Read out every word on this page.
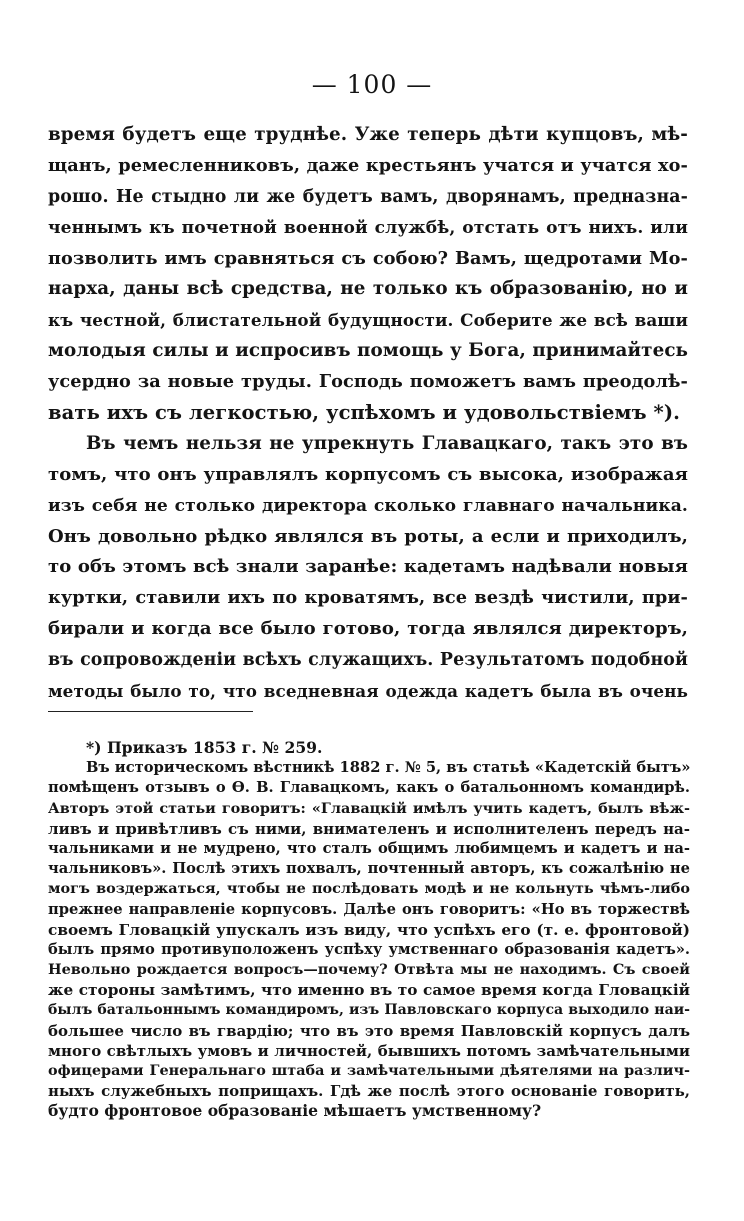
— 100 —
время будетъ еще труднѣе. Уже теперь дѣти купцовъ, мѣ-
щанъ, ремесленниковъ, даже крестьянъ учатся и учатся хо-
рошо. Не стыдно ли же будетъ вамъ, дворянамъ, предназна-
ченнымъ къ почетной военной службѣ, отстать отъ нихъ. или
позволить имъ сравняться съ собою? Вамъ, щедротами Мо-
нарха, даны всѣ средства, не только къ образованію, но и
къ честной, блистательной будущности. Соберите же всѣ ваши
молодыя силы и испросивъ помощь у Бога, принимайтесь
усердно за новые труды. Господь поможетъ вамъ преодолѣ-
вать ихъ съ легкостью, успѣхомъ и удовольствіемъ *).
Въ чемъ нельзя не упрекнуть Главацкаго, такъ это въ
томъ, что онъ управлялъ корпусомъ съ высока, изображая
изъ себя не столько директора сколько главнаго начальника.
Онъ довольно рѣдко являлся въ роты, а если и приходилъ,
то объ этомъ всѣ знали заранѣе: кадетамъ надѣвали новыя
куртки, ставили ихъ по кроватямъ, все вездѣ чистили, при-
бирали и когда все было готово, тогда являлся директоръ,
въ сопровожденіи всѣхъ служащихъ. Результатомъ подобной
методы было то, что вседневная одежда кадетъ была въ очень
*) Приказъ 1853 г. № 259.
Въ историческомъ вѣстникѣ 1882 г. № 5, въ статьѣ «Кадетскій бытъ»
помѣщенъ отзывъ о Ѳ. В. Главацкомъ, какъ о батальонномъ командирѣ.
Авторъ этой статьи говоритъ: «Главацкій имѣлъ учить кадетъ, былъ вѣж-
ливъ и привѣтливъ съ ними, внимателенъ и исполнителенъ передъ на-
чальниками и не мудрено, что сталъ общимъ любимцемъ и кадетъ и на-
чальниковъ». Послѣ этихъ похвалъ, почтенный авторъ, къ сожалѣнію не
могъ воздержаться, чтобы не послѣдовать модѣ и не кольнуть чѣмъ-либо
прежнее направленіе корпусовъ. Далѣе онъ говоритъ: «Но въ торжествѣ
своемъ Гловацкій упускалъ изъ виду, что успѣхъ его (т. е. фронтовой)
былъ прямо противуположенъ успѣху умственнаго образованія кадетъ».
Невольно рождается вопросъ—почему? Отвѣта мы не находимъ. Съ своей
же стороны замѣтимъ, что именно въ то самое время когда Гловацкій
былъ батальоннымъ командиромъ, изъ Павловскаго корпуса выходило наи-
большее число въ гвардію; что въ это время Павловскій корпусъ далъ
много свѣтлыхъ умовъ и личностей, бывшихъ потомъ замѣчательными
офицерами Генеральнаго штаба и замѣчательными дѣятелями на различ-
ныхъ служебныхъ поприщахъ. Гдѣ же послѣ этого основаніе говорить,
будто фронтовое образованіе мѣшаетъ умственному?
